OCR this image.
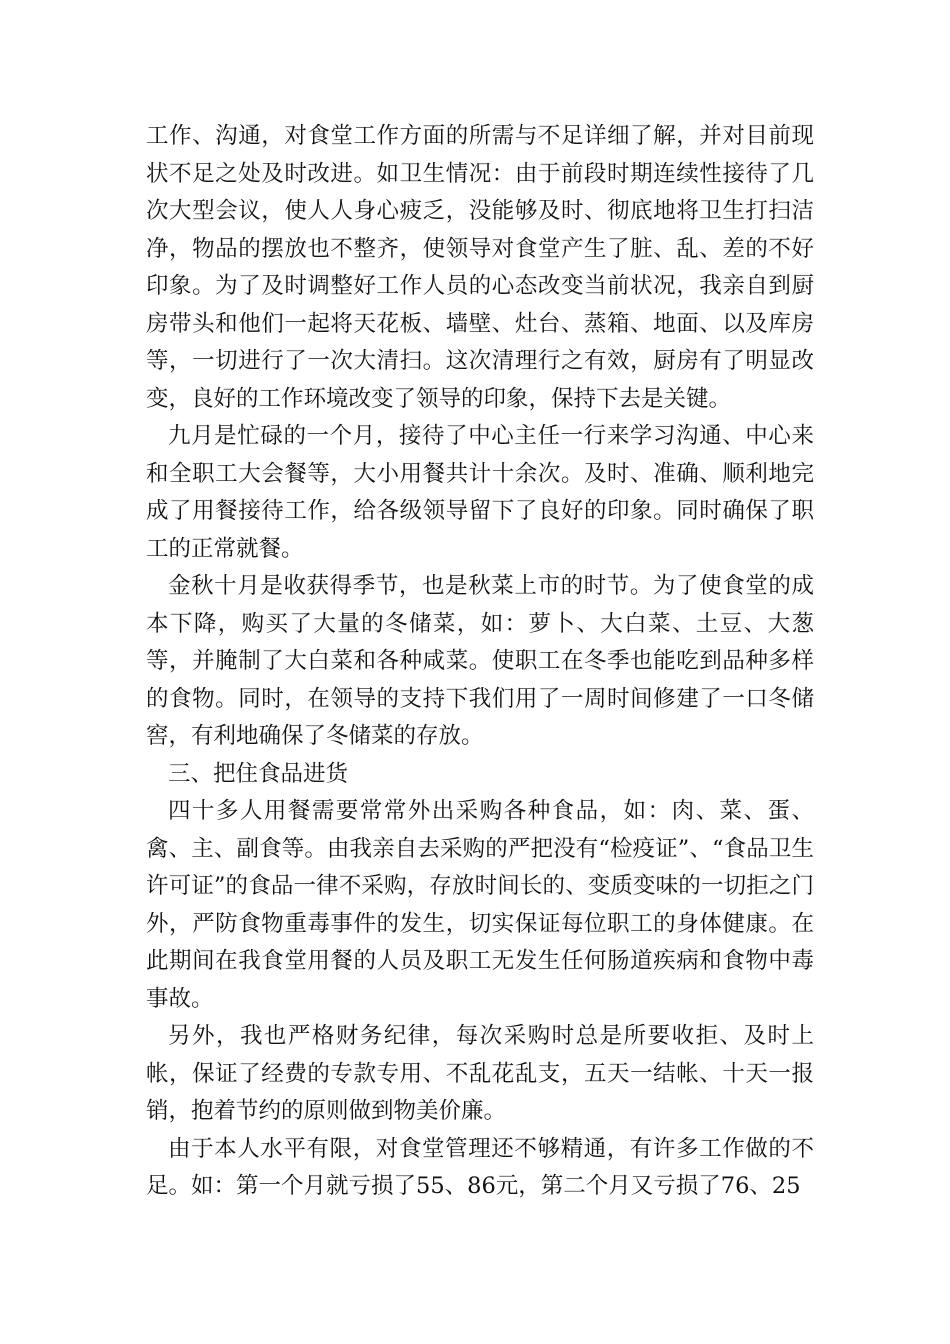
工作、沟通，对食堂工作方面的所需与不足详细了解，并对目前现状不足之处及时改进。如卫生情况：由于前段时期连续性接待了几次大型会议，使人人身心疲乏，没能够及时、彻底地将卫生打扫洁净，物品的摆放也不整齐，使领导对食堂产生了脏、乱、差的不好印象。为了及时调整好工作人员的心态改变当前状况，我亲自到厨房带头和他们一起将天花板、墙壁、灶台、蒸箱、地面、以及库房等，一切进行了一次大清扫。这次清理行之有效，厨房有了明显改变，良好的工作环境改变了领导的印象，保持下去是关键。

九月是忙碌的一个月，接待了中心主任一行来学习沟通、中心来和全职工大会餐等，大小用餐共计十余次。及时、准确、顺利地完成了用餐接待工作，给各级领导留下了良好的印象。同时确保了职工的正常就餐。

金秋十月是收获得季节，也是秋菜上市的时节。为了使食堂的成本下降，购买了大量的冬储菜，如：萝卜、大白菜、土豆、大葱等，并腌制了大白菜和各种咸菜。使职工在冬季也能吃到品种多样的食物。同时，在领导的支持下我们用了一周时间修建了一口冬储窖，有利地确保了冬储菜的存放。

三、把住食品进货

四十多人用餐需要常常外出采购各种食品，如：肉、菜、蛋、禽、主、副食等。由我亲自去采购的严把没有“检疫证”、“食品卫生许可证”的食品一律不采购，存放时间长的、变质变味的一切拒之门外，严防食物重毒事件的发生，切实保证每位职工的身体健康。在此期间在我食堂用餐的人员及职工无发生任何肠道疾病和食物中毒事故。

另外，我也严格财务纪律，每次采购时总是所要收拒、及时上帐，保证了经费的专款专用、不乱花乱支，五天一结帐、十天一报销，抱着节约的原则做到物美价廉。

由于本人水平有限，对食堂管理还不够精通，有许多工作做的不足。如：第一个月就亏损了55、86元，第二个月又亏损了76、25
